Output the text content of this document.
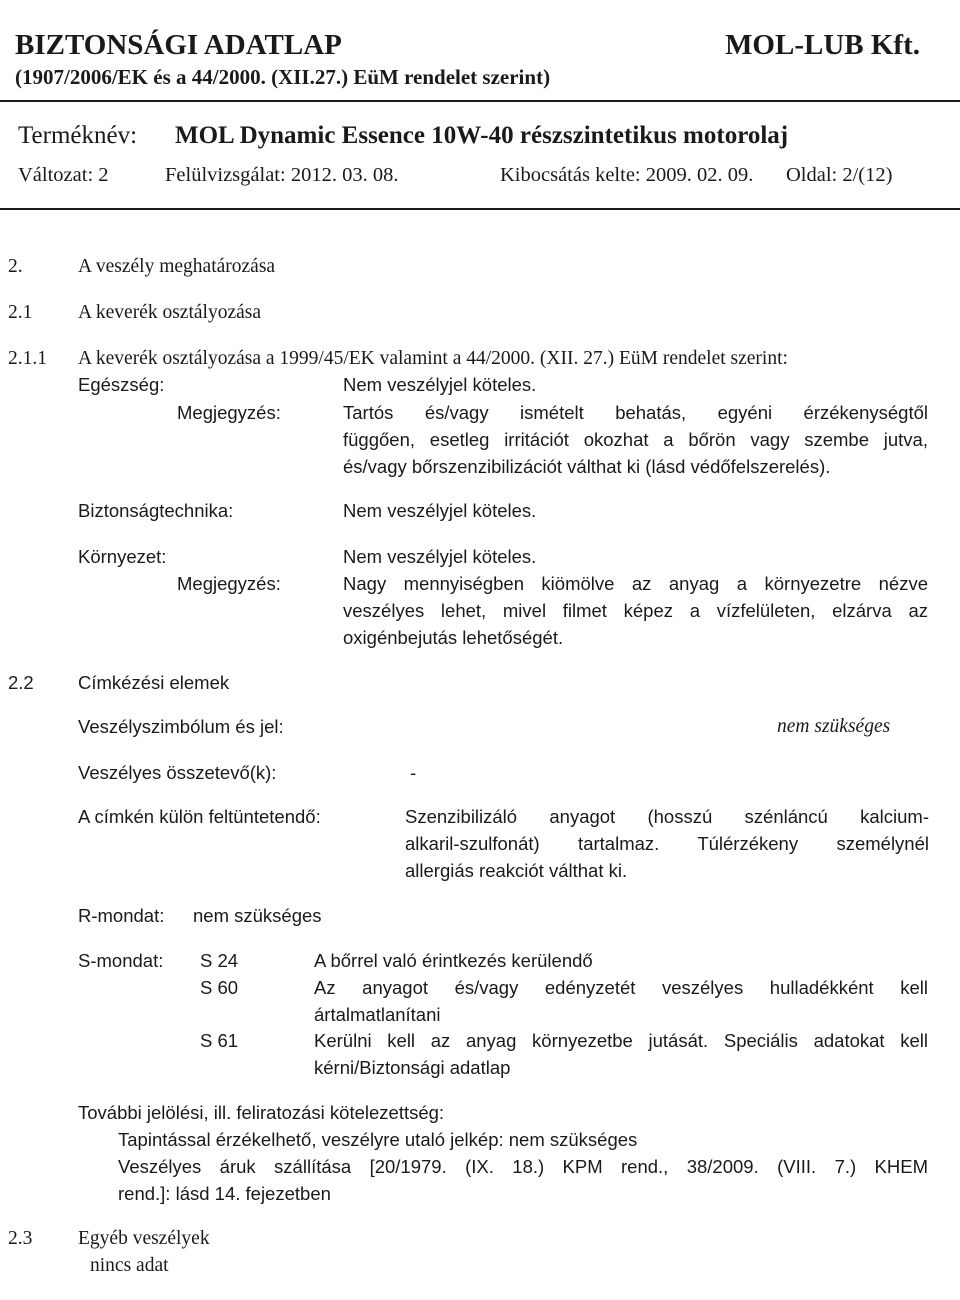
BIZTONSÁGI ADATLAP	MOL-LUB Kft.
(1907/2006/EK és a 44/2000. (XII.27.) EüM rendelet szerint)
Terméknév: MOL Dynamic Essence 10W-40 részszintetikus motorolaj
Változat: 2	Felülvizsgálat: 2012. 03. 08.	Kibocsátás kelte: 2009. 02. 09. Oldal: 2/(12)
2.	A veszély meghatározása
2.1 A keverék osztályozása
2.1.1 A keverék osztályozása a 1999/45/EK valamint a 44/2000. (XII. 27.) EüM rendelet szerint:
Egészség:	Nem veszélyjel köteles.
Megjegyzés:	Tartós és/vagy ismételt behatás, egyéni érzékenységtől
függően, esetleg irritációt okozhat a bőrön vagy szembe jutva,
és/vagy bőrszenzibilizációt válthat ki (lásd védőfelszerelés).
Biztonságtechnika:	Nem veszélyjel köteles.
Környezet:	Nem veszélyjel köteles.
Megjegyzés:	Nagy mennyiségben kiömölve az anyag a környezetre nézve
veszélyes lehet, mivel filmet képez a vízfelületen, elzárva az
oxigénbejutás lehetőségét.
2.2 Címkézési elemek
Veszélyszimbólum és jel:	nem szükséges
Veszélyes összetevő(k):	-
A címkén külön feltüntetendő:	Szenzibilizáló anyagot (hosszú szénláncú kalcium-
alkaril-szulfonát) tartalmaz. Túlérzékeny személynél
allergiás reakciót válthat ki.
R-mondat: nem szükséges
S-mondat: S 24	A bőrrel való érintkezés kerülendő
S 60	Az anyagot és/vagy edényzetét veszélyes hulladékként kell
ártalmatlanítani
S 61	Kerülni kell az anyag környezetbe jutását. Speciális adatokat kell
kérni/Biztonsági adatlap
További jelölési, ill. feliratozási kötelezettség:
Tapintással érzékelhető, veszélyre utaló jelkép: nem szükséges
Veszélyes áruk szállítása [20/1979. (IX. 18.) KPM rend., 38/2009. (VIII. 7.) KHEM
rend.]: lásd 14. fejezetben
2.3 Egyéb veszélyek
nincs adat
